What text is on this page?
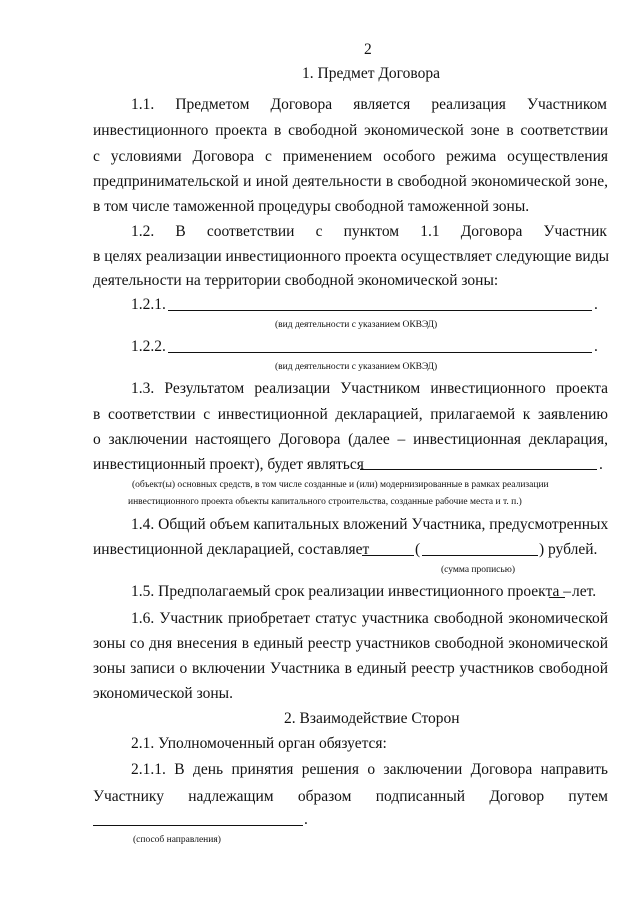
2
1. Предмет Договора
1.1. Предметом Договора является реализация Участником
инвестиционного проекта в свободной экономической зоне в соответствии
с условиями Договора с применением особого режима осуществления
предпринимательской и иной деятельности в свободной экономической зоне,
в том числе таможенной процедуры свободной таможенной зоны.
1.2. В соответствии с пунктом 1.1 Договора Участник
в целях реализации инвестиционного проекта осуществляет следующие виды
деятельности на территории свободной экономической зоны:
1.2.1.	.
(вид деятельности с указанием ОКВЭД)
1.2.2.	.
(вид деятельности с указанием ОКВЭД)
1.3. Результатом реализации Участником инвестиционного проекта
в соответствии с инвестиционной декларацией, прилагаемой к заявлению
о заключении настоящего Договора (далее – инвестиционная декларация,
инвестиционный проект), будет являться	.
(объект(ы) основных средств, в том числе созданные и (или) модернизированные в рамках реализации
инвестиционного проекта объекты капитального строительства, созданные рабочие места и т. п.)
1.4. Общий объем капитальных вложений Участника, предусмотренных
инвестиционной декларацией, составляет	(	) рублей.
(сумма прописью)
1.5. Предполагаемый срок реализации инвестиционного проекта – лет.
1.6. Участник приобретает статус участника свободной экономической
зоны со дня внесения в единый реестр участников свободной экономической
зоны записи о включении Участника в единый реестр участников свободной
экономической зоны.
2. Взаимодействие Сторон
2.1. Уполномоченный орган обязуется:
2.1.1. В день принятия решения о заключении Договора направить
Участнику надлежащим образом подписанный Договор путем
.
(способ направления)
